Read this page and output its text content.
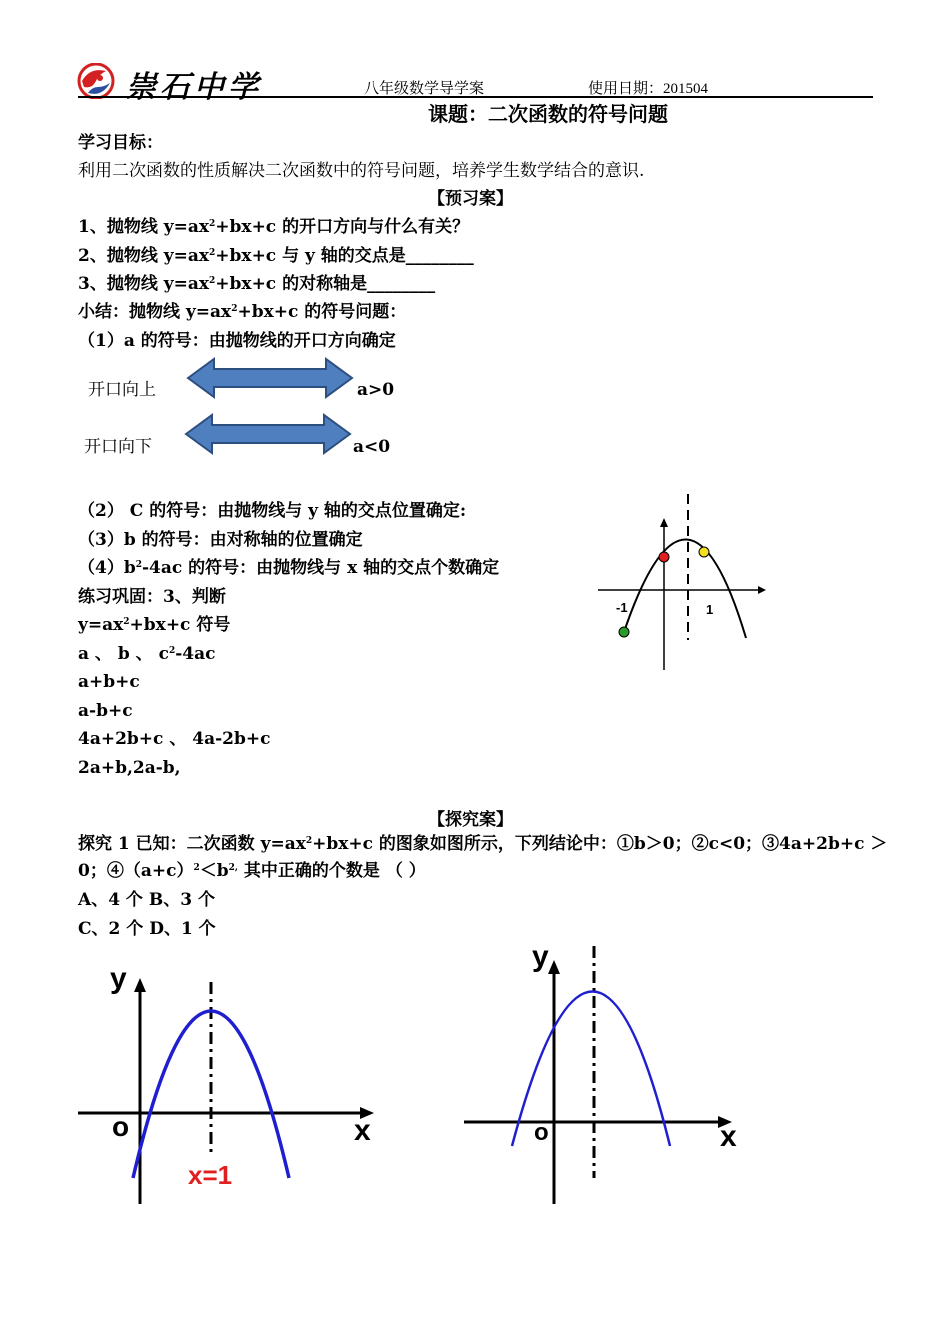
崇石中学	八年级数学导学案	使用日期：201504
课题：二次函数的符号问题
学习目标：
利用二次函数的性质解决二次函数中的符号问题，培养学生数学结合的意识.
【预习案】
1、抛物线 $y=ax^2+bx+c$ 的开口方向与什么有关？
2、抛物线 $y=ax^2+bx+c$ 与 y 轴的交点是________
3、抛物线 $y=ax^2+bx+c$ 的对称轴是________
小结：抛物线 $y=ax^2+bx+c$ 的符号问题：
（1）a 的符号：由抛物线的开口方向确定
开口向上	a>0
开口向下	a<0
（2） C 的符号：由抛物线与 y 轴的交点位置确定:
（3）b 的符号：由对称轴的位置确定
$(4)b^2-4ac$ 的符号：由抛物线与 x 轴的交点个数确定
练习巩固：3、判断
$y=ax^2+bx+c$ 符号
a 、 b 、 $c^2-4ac$
a+b+c
a-b+c
4a+2b+c 、 4a-2b+c
2a+b,2a-b,
-1	1
【探究案】
探究 1 已知：二次函数 $y=ax^2+bx+c$ 的图象如图所示，下列结论中：①b＞0；②c<0；③4a+2b+c ＞
0；$④(a+c)^2<b^{2,}$ 其中正确的个数是 （ ）
A、4 个 B、3 个
C、2 个 D、1 个
y
x
o
x=1
y
x
o
